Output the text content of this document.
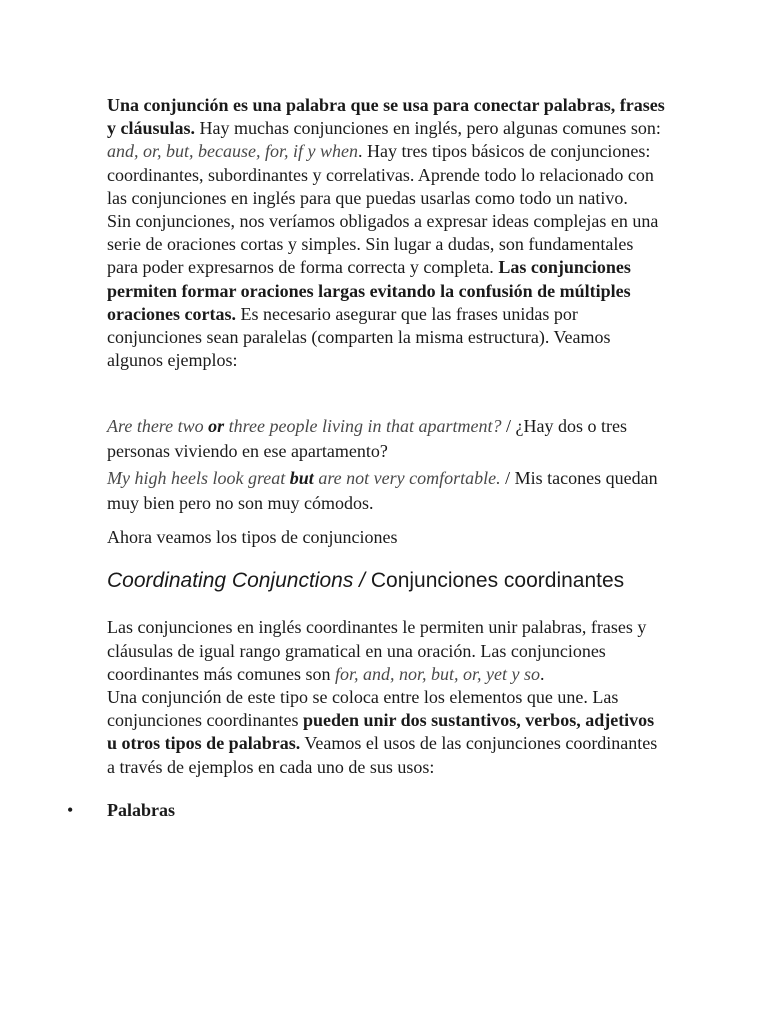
Una conjunción es una palabra que se usa para conectar palabras, frases y cláusulas. Hay muchas conjunciones en inglés, pero algunas comunes son: and, or, but, because, for, if y when. Hay tres tipos básicos de conjunciones: coordinantes, subordinantes y correlativas. Aprende todo lo relacionado con las conjunciones en inglés para que puedas usarlas como todo un nativo.

Sin conjunciones, nos veríamos obligados a expresar ideas complejas en una serie de oraciones cortas y simples. Sin lugar a dudas, son fundamentales para poder expresarnos de forma correcta y completa. Las conjunciones permiten formar oraciones largas evitando la confusión de múltiples oraciones cortas. Es necesario asegurar que las frases unidas por conjunciones sean paralelas (comparten la misma estructura). Veamos algunos ejemplos:

Are there two or three people living in that apartment? / ¿Hay dos o tres personas viviendo en ese apartamento?

My high heels look great but are not very comfortable. / Mis tacones quedan muy bien pero no son muy cómodos.

Ahora veamos los tipos de conjunciones

Coordinating Conjunctions / Conjunciones coordinantes

Las conjunciones en inglés coordinantes le permiten unir palabras, frases y cláusulas de igual rango gramatical en una oración. Las conjunciones coordinantes más comunes son for, and, nor, but, or, yet y so.

Una conjunción de este tipo se coloca entre los elementos que une. Las conjunciones coordinantes pueden unir dos sustantivos, verbos, adjetivos u otros tipos de palabras. Veamos el usos de las conjunciones coordinantes a través de ejemplos en cada uno de sus usos:

• Palabras
